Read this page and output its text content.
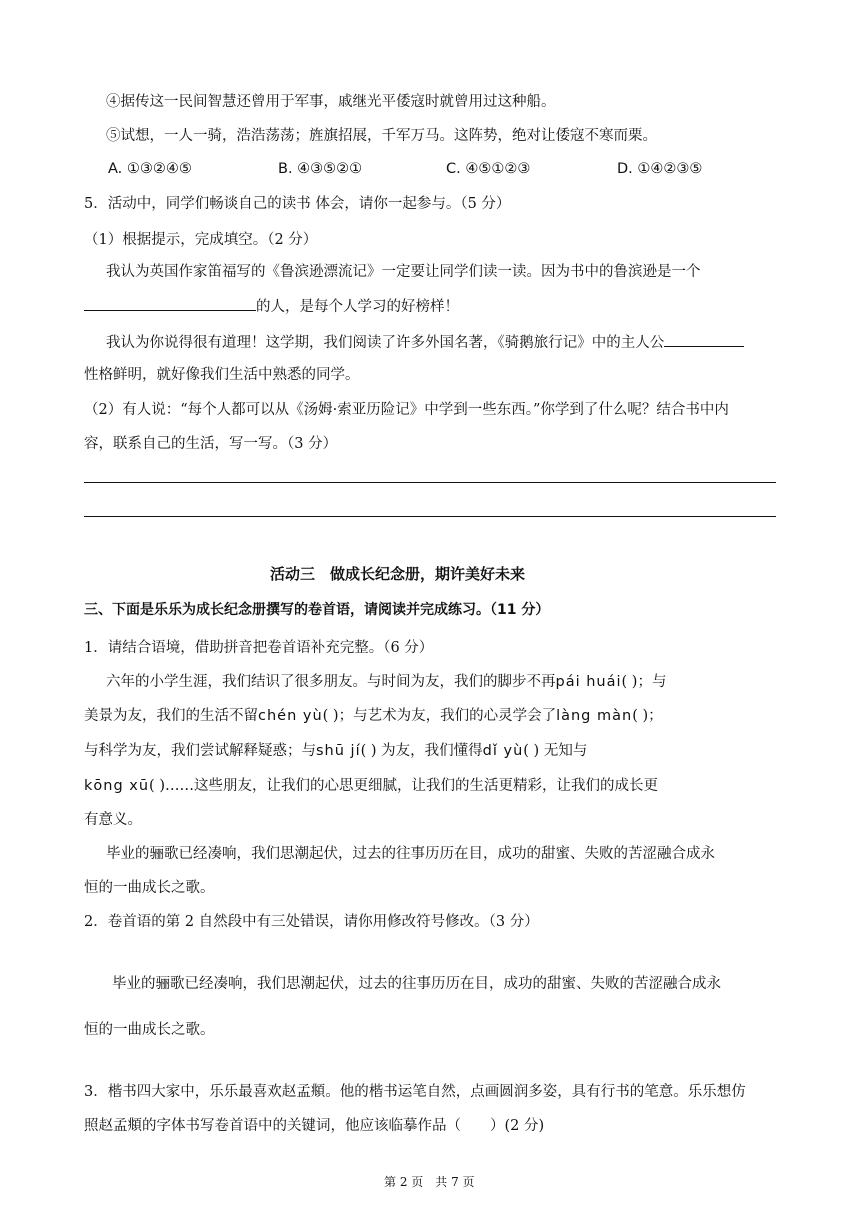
④据传这一民间智慧还曾用于军事，戚继光平倭寇时就曾用过这种船。
⑤试想，一人一骑，浩浩荡荡；旌旗招展，千军万马。这阵势，绝对让倭寇不寒而栗。
A. ①③②④⑤	B. ④③⑤②①	C. ④⑤①②③	D. ①④②③⑤
5．活动中，同学们畅谈自己的读书 体会，请你一起参与。（5 分）
（1）根据提示，完成填空。（2 分）
我认为英国作家笛福写的《鲁滨逊漂流记》一定要让同学们读一读。因为书中的鲁滨逊是一个
的人，是每个人学习的好榜样！
我认为你说得很有道理！这学期，我们阅读了许多外国名著，《骑鹅旅行记》中的主人公
性格鲜明，就好像我们生活中熟悉的同学。
（2）有人说：“每个人都可以从《汤姆·索亚历险记》中学到一些东西。”你学到了什么呢？结合书中内
容，联系自己的生活，写一写。（3 分）
活动三　做成长纪念册，期许美好未来
三、下面是乐乐为成长纪念册撰写的卷首语，请阅读并完成练习。（11 分）
1．请结合语境，借助拼音把卷首语补充完整。（6 分）
六年的小学生涯，我们结识了很多朋友。与时间为友，我们的脚步不再pái huái( )；与
美景为友，我们的生活不留chén yù( )；与艺术为友，我们的心灵学会了làng màn( )；
与科学为友，我们尝试解释疑惑；与shū jí( ) 为友，我们懂得dǐ yù( ) 无知与
kōng xū( )……这些朋友，让我们的心思更细腻，让我们的生活更精彩，让我们的成长更
有意义。
毕业的骊歌已经凑响，我们思潮起伏，过去的往事历历在目，成功的甜蜜、失败的苦涩融合成永
恒的一曲成长之歌。
2．卷首语的第 2 自然段中有三处错误，请你用修改符号修改。（3 分）
毕业的骊歌已经凑响，我们思潮起伏，过去的往事历历在目，成功的甜蜜、失败的苦涩融合成永
恒的一曲成长之歌。
3．楷书四大家中，乐乐最喜欢赵孟頫。他的楷书运笔自然，点画圆润多姿，具有行书的笔意。乐乐想仿
照赵孟頫的字体书写卷首语中的关键词，他应该临摹作品（　　）(2 分)
第 2 页　共 7 页
